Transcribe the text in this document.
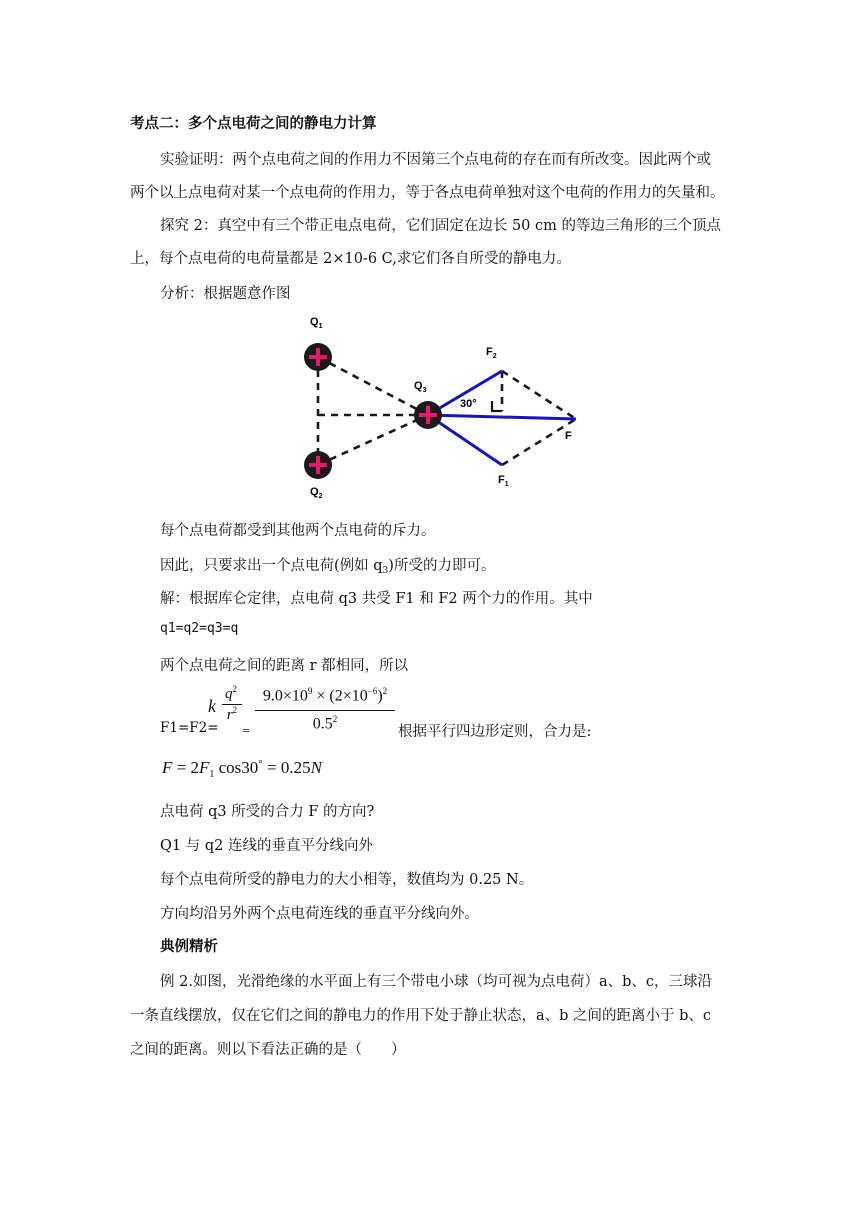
考点二：多个点电荷之间的静电力计算
实验证明：两个点电荷之间的作用力不因第三个点电荷的存在而有所改变。因此两个或
两个以上点电荷对某一个点电荷的作用力，等于各点电荷单独对这个电荷的作用力的矢量和。
探究 2：真空中有三个带正电点电荷，它们固定在边长 50 cm 的等边三角形的三个顶点
上，每个点电荷的电荷量都是 2×10-6 C,求它们各自所受的静电力。
分析：根据题意作图
$Q_1$
$Q_2$
$Q_3$
$F_2$
$F_1$
F
30°
每个点电荷都受到其他两个点电荷的斥力。
因此，只要求出一个点电荷(例如 $q_3$)所受的力即可。
解：根据库仑定律，点电荷 q3 共受 F1 和 F2 两个力的作用。其中
q1=q2=q3=q
两个点电荷之间的距离 r 都相同，所以
F1=F2=
k
$q^2$
$r^2$
=
$9.0\times 10^9 \times (2\times 10^{-6})^2$
$0.5^2$
根据平行四边形定则，合力是:
$F = 2F_1$ cos30° = 0.25N
点电荷 q3 所受的合力 F 的方向?
Q1 与 q2 连线的垂直平分线向外
每个点电荷所受的静电力的大小相等，数值均为 0.25 N。
方向均沿另外两个点电荷连线的垂直平分线向外。
典例精析
例 2.如图，光滑绝缘的水平面上有三个带电小球（均可视为点电荷）a、b、c，三球沿
一条直线摆放，仅在它们之间的静电力的作用下处于静止状态，a、b 之间的距离小于 b、c
之间的距离。则以下看法正确的是（　　）
